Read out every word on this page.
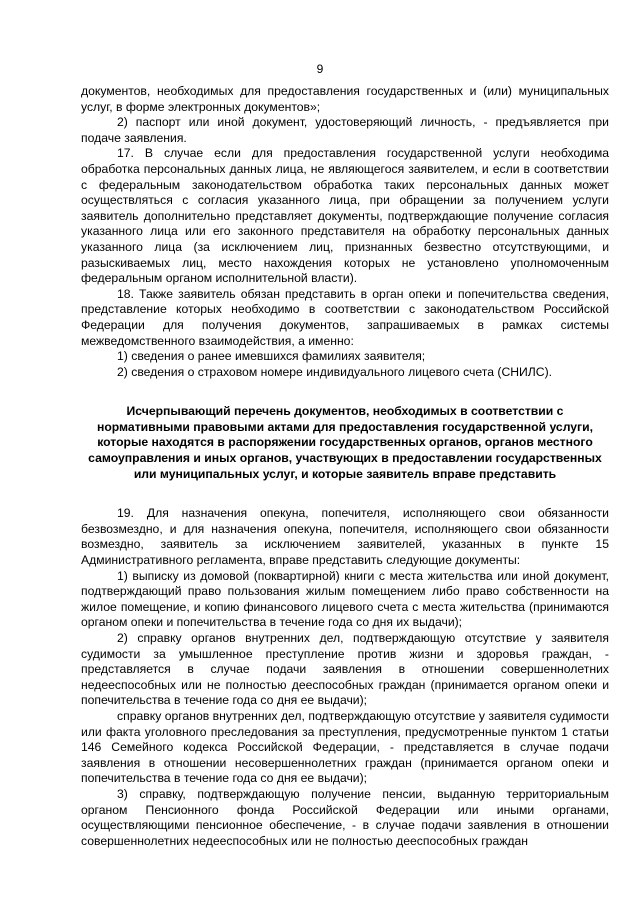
9

документов, необходимых для предоставления государственных и (или) муниципальных услуг, в форме электронных документов»;

2) паспорт или иной документ, удостоверяющий личность, - предъявляется при подаче заявления.

17. В случае если для предоставления государственной услуги необходима обработка персональных данных лица, не являющегося заявителем, и если в соответствии с федеральным законодательством обработка таких персональных данных может осуществляться с согласия указанного лица, при обращении за получением услуги заявитель дополнительно представляет документы, подтверждающие получение согласия указанного лица или его законного представителя на обработку персональных данных указанного лица (за исключением лиц, признанных безвестно отсутствующими, и разыскиваемых лиц, место нахождения которых не установлено уполномоченным федеральным органом исполнительной власти).

18. Также заявитель обязан представить в орган опеки и попечительства сведения, представление которых необходимо в соответствии с законодательством Российской Федерации для получения документов, запрашиваемых в рамках системы межведомственного взаимодействия, а именно:

1) сведения о ранее имевшихся фамилиях заявителя;

2) сведения о страховом номере индивидуального лицевого счета (СНИЛС).

Исчерпывающий перечень документов, необходимых в соответствии с нормативными правовыми актами для предоставления государственной услуги, которые находятся в распоряжении государственных органов, органов местного самоуправления и иных органов, участвующих в предоставлении государственных или муниципальных услуг, и которые заявитель вправе представить

19. Для назначения опекуна, попечителя, исполняющего свои обязанности безвозмездно, и для назначения опекуна, попечителя, исполняющего свои обязанности возмездно, заявитель за исключением заявителей, указанных в пункте 15 Административного регламента, вправе представить следующие документы:

1) выписку из домовой (поквартирной) книги с места жительства или иной документ, подтверждающий право пользования жилым помещением либо право собственности на жилое помещение, и копию финансового лицевого счета с места жительства (принимаются органом опеки и попечительства в течение года со дня их выдачи);

2) справку органов внутренних дел, подтверждающую отсутствие у заявителя судимости за умышленное преступление против жизни и здоровья граждан, - представляется в случае подачи заявления в отношении совершеннолетних недееспособных или не полностью дееспособных граждан (принимается органом опеки и попечительства в течение года со дня ее выдачи);

справку органов внутренних дел, подтверждающую отсутствие у заявителя судимости или факта уголовного преследования за преступления, предусмотренные пунктом 1 статьи 146 Семейного кодекса Российской Федерации, - представляется в случае подачи заявления в отношении несовершеннолетних граждан (принимается органом опеки и попечительства в течение года со дня ее выдачи);

3) справку, подтверждающую получение пенсии, выданную территориальным органом Пенсионного фонда Российской Федерации или иными органами, осуществляющими пенсионное обеспечение, - в случае подачи заявления в отношении совершеннолетних недееспособных или не полностью дееспособных граждан
